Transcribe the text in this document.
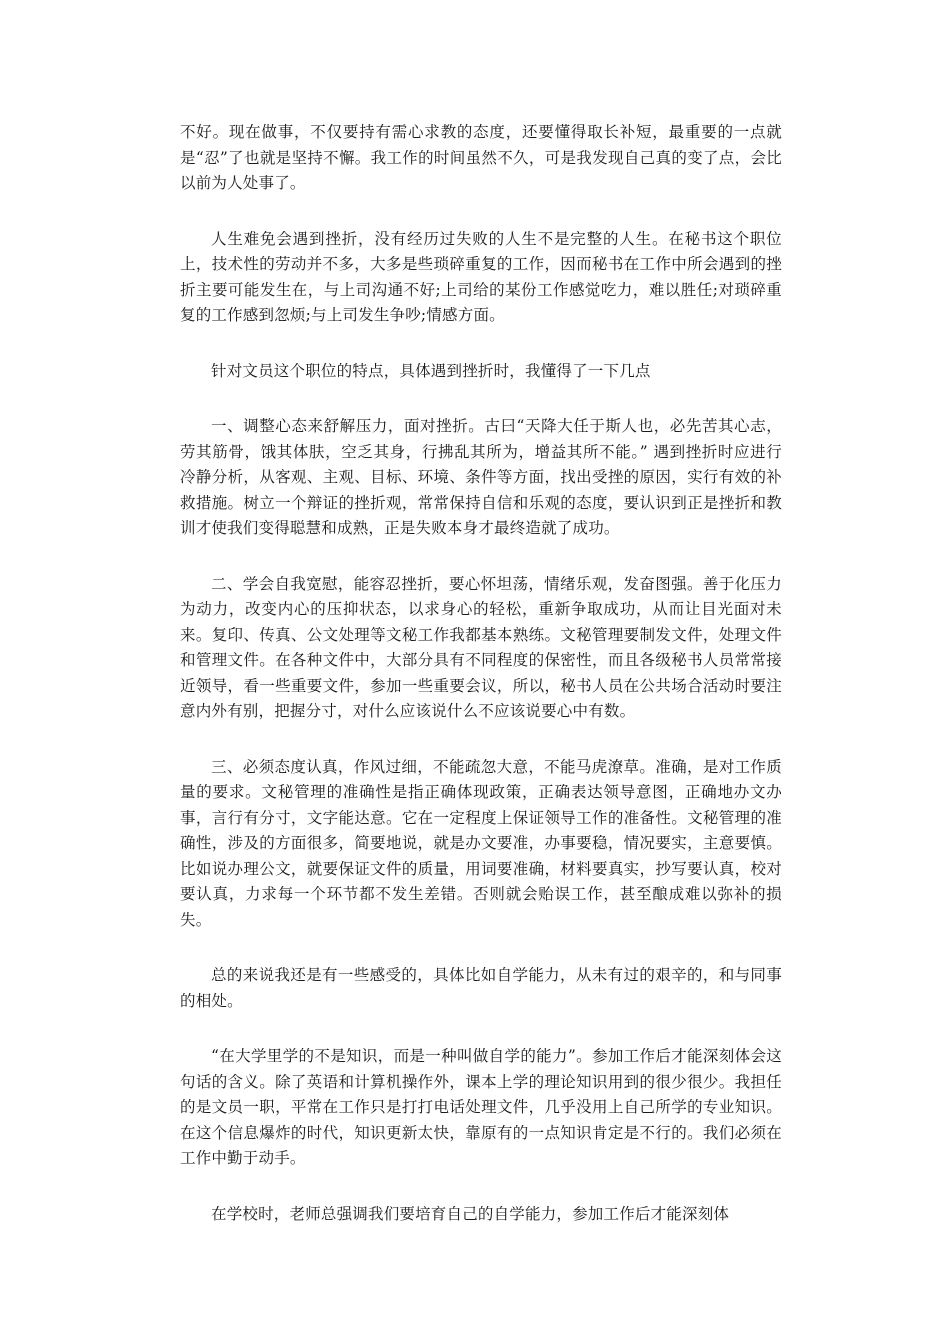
不好。现在做事，不仅要持有需心求教的态度，还要懂得取长补短，最重要的一点就是“忍”了也就是坚持不懈。我工作的时间虽然不久，可是我发现自己真的变了点，会比以前为人处事了。

人生难免会遇到挫折，没有经历过失败的人生不是完整的人生。在秘书这个职位上，技术性的劳动并不多，大多是些琐碎重复的工作，因而秘书在工作中所会遇到的挫折主要可能发生在，与上司沟通不好;上司给的某份工作感觉吃力，难以胜任;对琐碎重复的工作感到忽烦;与上司发生争吵;情感方面。

针对文员这个职位的特点，具体遇到挫折时，我懂得了一下几点

一、调整心态来舒解压力，面对挫折。古曰“天降大任于斯人也，必先苦其心志，劳其筋骨，饿其体肤，空乏其身，行拂乱其所为，增益其所不能。” 遇到挫折时应进行冷静分析，从客观、主观、目标、环境、条件等方面，找出受挫的原因，实行有效的补救措施。树立一个辩证的挫折观，常常保持自信和乐观的态度，要认识到正是挫折和教训才使我们变得聪慧和成熟，正是失败本身才最终造就了成功。

二、学会自我宽慰，能容忍挫折，要心怀坦荡，情绪乐观，发奋图强。善于化压力为动力，改变内心的压抑状态，以求身心的轻松，重新争取成功，从而让目光面对未来。复印、传真、公文处理等文秘工作我都基本熟练。文秘管理要制发文件，处理文件和管理文件。在各种文件中，大部分具有不同程度的保密性，而且各级秘书人员常常接近领导，看一些重要文件，参加一些重要会议，所以，秘书人员在公共场合活动时要注意内外有别，把握分寸，对什么应该说什么不应该说要心中有数。

三、必须态度认真，作风过细，不能疏忽大意，不能马虎潦草。准确，是对工作质量的要求。文秘管理的准确性是指正确体现政策，正确表达领导意图，正确地办文办事，言行有分寸，文字能达意。它在一定程度上保证领导工作的准备性。文秘管理的准确性，涉及的方面很多，简要地说，就是办文要准，办事要稳，情况要实，主意要慎。比如说办理公文，就要保证文件的质量，用词要准确，材料要真实，抄写要认真，校对要认真，力求每一个环节都不发生差错。否则就会贻误工作，甚至酿成难以弥补的损失。

总的来说我还是有一些感受的，具体比如自学能力，从未有过的艰辛的，和与同事的相处。

“在大学里学的不是知识，而是一种叫做自学的能力”。参加工作后才能深刻体会这句话的含义。除了英语和计算机操作外，课本上学的理论知识用到的很少很少。我担任的是文员一职，平常在工作只是打打电话处理文件，几乎没用上自己所学的专业知识。在这个信息爆炸的时代，知识更新太快，靠原有的一点知识肯定是不行的。我们必须在工作中勤于动手。

在学校时，老师总强调我们要培育自己的自学能力，参加工作后才能深刻体
